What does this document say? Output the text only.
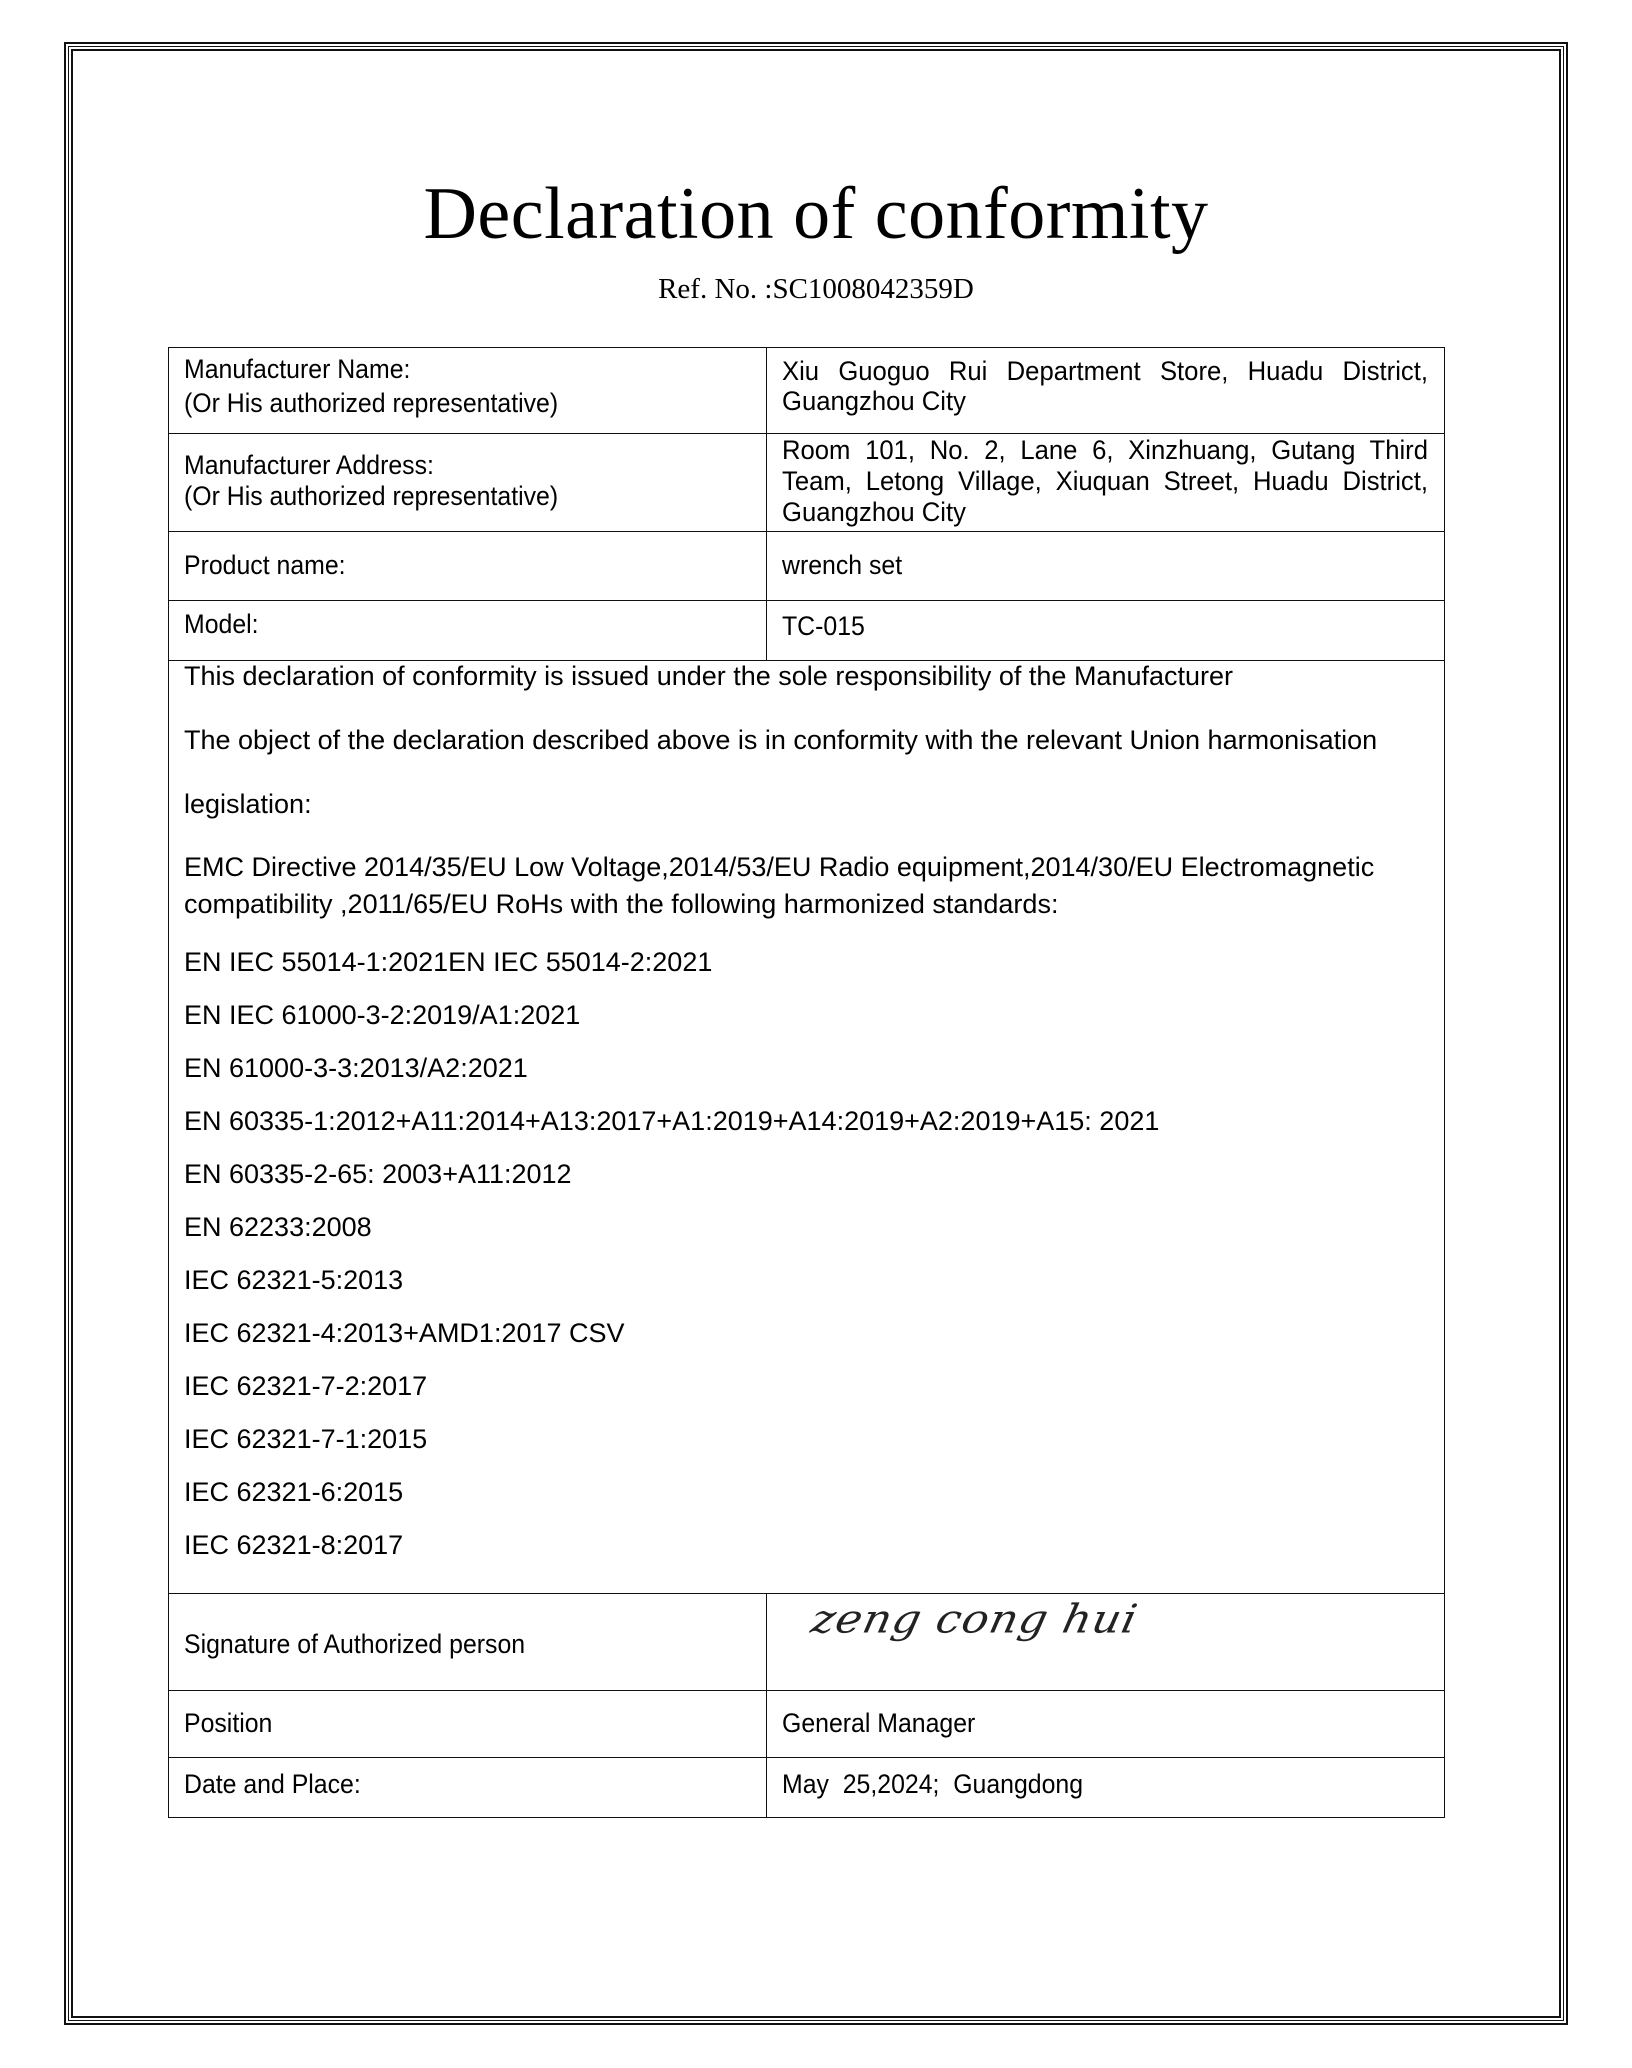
Declaration of conformity
Ref. No. :SC1008042359D
Manufacturer Name:
(Or His authorized representative)	Xiu Guoguo Rui Department Store, Huadu District, Guangzhou City

Manufacturer Address:
(Or His authorized representative)	Room 101, No. 2, Lane 6, Xinzhuang, Gutang Third Team, Letong Village, Xiuquan Street, Huadu District, Guangzhou City

Product name:	wrench set

Model:	TC-015

This declaration of conformity is issued under the sole responsibility of the Manufacturer
The object of the declaration described above is in conformity with the relevant Union harmonisation
legislation:
EMC Directive 2014/35/EU Low Voltage,2014/53/EU Radio equipment,2014/30/EU Electromagnetic
compatibility ,2011/65/EU RoHs with the following harmonized standards:
EN IEC 55014-1:2021EN IEC 55014-2:2021
EN IEC 61000-3-2:2019/A1:2021
EN 61000-3-3:2013/A2:2021
EN 60335-1:2012+A11:2014+A13:2017+A1:2019+A14:2019+A2:2019+A15: 2021
EN 60335-2-65: 2003+A11:2012
EN 62233:2008
IEC 62321-5:2013
IEC 62321-4:2013+AMD1:2017 CSV
IEC 62321-7-2:2017
IEC 62321-7-1:2015
IEC 62321-6:2015
IEC 62321-8:2017

Signature of Authorized person	zeng cong hui

Position	General Manager

Date and Place:	May  25,2024;  Guangdong
